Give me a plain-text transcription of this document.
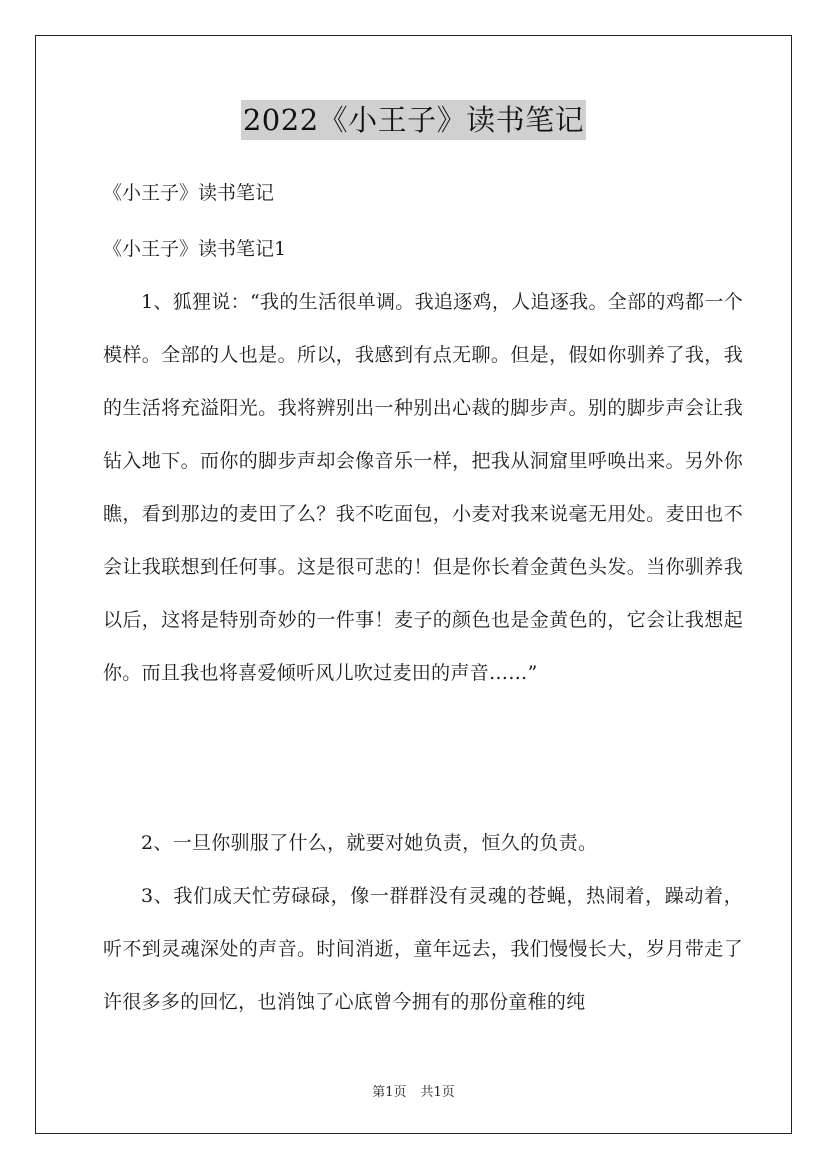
2022《小王子》读书笔记
《小王子》读书笔记
《小王子》读书笔记1

1、狐狸说：“我的生活很单调。我追逐鸡，人追逐我。全部的鸡都一个模样。全部的人也是。所以，我感到有点无聊。但是，假如你驯养了我，我的生活将充溢阳光。我将辨别出一种别出心裁的脚步声。别的脚步声会让我钻入地下。而你的脚步声却会像音乐一样，把我从洞窟里呼唤出来。另外你瞧，看到那边的麦田了么？我不吃面包，小麦对我来说毫无用处。麦田也不会让我联想到任何事。这是很可悲的！但是你长着金黄色头发。当你驯养我以后，这将是特别奇妙的一件事！麦子的颜色也是金黄色的，它会让我想起你。而且我也将喜爱倾听风儿吹过麦田的声音……”

2、一旦你驯服了什么，就要对她负责，恒久的负责。

3、我们成天忙劳碌碌，像一群群没有灵魂的苍蝇，热闹着，躁动着，听不到灵魂深处的声音。时间消逝，童年远去，我们慢慢长大，岁月带走了许很多多的回忆，也消蚀了心底曾今拥有的那份童稚的纯

第1页 共1页
